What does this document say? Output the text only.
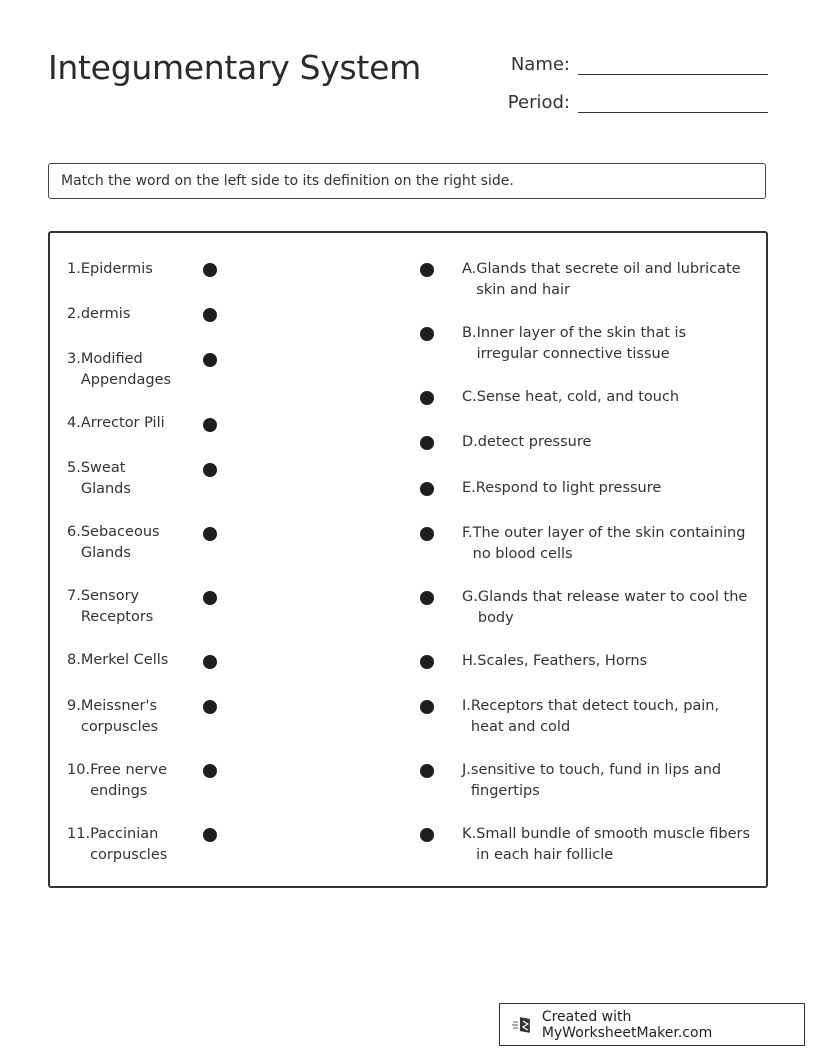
Integumentary System	Name:
Period:
Match the word on the left side to its definition on the right side.
1. Epidermis
2. dermis
3. Modified Appendages
4. Arrector Pili
5. Sweat Glands
6. Sebaceous Glands
7. Sensory Receptors
8. Merkel Cells
9. Meissner's corpuscles
10. Free nerve endings
11. Paccinian corpuscles
A. Glands that secrete oil and lubricate skin and hair
B. Inner layer of the skin that is irregular connective tissue
C. Sense heat, cold, and touch
D. detect pressure
E. Respond to light pressure
F. The outer layer of the skin containing no blood cells
G. Glands that release water to cool the body
H. Scales, Feathers, Horns
I. Receptors that detect touch, pain, heat and cold
J. sensitive to touch, fund in lips and fingertips
K. Small bundle of smooth muscle fibers in each hair follicle
Created with MyWorksheetMaker.com
